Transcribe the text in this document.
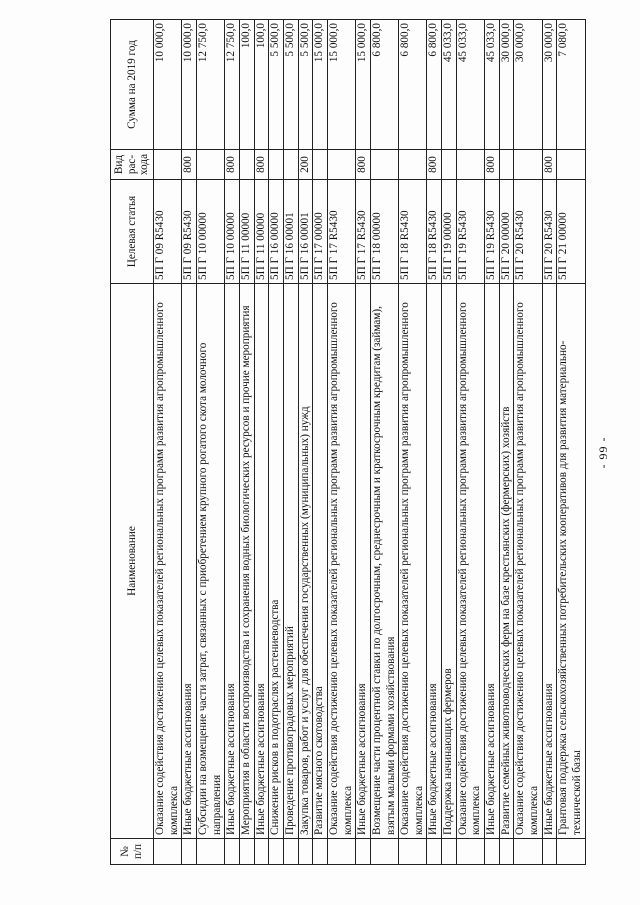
- 99 -
№ п/п	Наименование	Целевая статья	Вид рас-хода	Сумма на 2019 год
	Оказание содействия достижению целевых показателей региональных программ развития агропромышленного комплекса	5П Г 09 R5430		10 000,0
	Иные бюджетные ассигнования	5П Г 09 R5430	800	10 000,0
	Субсидии на возмещение части затрат, связанных с приобретением крупного рогатого скота молочного направления	5П Г 10 00000		12 750,0
	Иные бюджетные ассигнования	5П Г 10 00000	800	12 750,0
	Мероприятия в области воспроизводства и сохранения водных биологических ресурсов и прочие мероприятия	5П Г 11 00000		100,0
	Иные бюджетные ассигнования	5П Г 11 00000	800	100,0
	Снижение рисков в подотраслях растениеводства	5П Г 16 00000		5 500,0
	Проведение противоградовых мероприятий	5П Г 16 00001		5 500,0
	Закупка товаров, работ и услуг для обеспечения государственных (муниципальных) нужд	5П Г 16 00001	200	5 500,0
	Развитие мясного скотоводства	5П Г 17 00000		15 000,0
	Оказание содействия достижению целевых показателей региональных программ развития агропромышленного комплекса	5П Г 17 R5430		15 000,0
	Иные бюджетные ассигнования	5П Г 17 R5430	800	15 000,0
	Возмещение части процентной ставки по долгосрочным, среднесрочным и краткосрочным кредитам (займам), взятым малыми формами хозяйствования	5П Г 18 00000		6 800,0
	Оказание содействия достижению целевых показателей региональных программ развития агропромышленного комплекса	5П Г 18 R5430		6 800,0
	Иные бюджетные ассигнования	5П Г 18 R5430	800	6 800,0
	Поддержка начинающих фермеров	5П Г 19 00000		45 033,0
	Оказание содействия достижению целевых показателей региональных программ развития агропромышленного комплекса	5П Г 19 R5430		45 033,0
	Иные бюджетные ассигнования	5П Г 19 R5430	800	45 033,0
	Развитие семейных животноводческих ферм на базе крестьянских (фермерских) хозяйств	5П Г 20 00000		30 000,0
	Оказание содействия достижению целевых показателей региональных программ развития агропромышленного комплекса	5П Г 20 R5430		30 000,0
	Иные бюджетные ассигнования	5П Г 20 R5430	800	30 000,0
	Грантовая поддержка сельскохозяйственных потребительских кооперативов для развития материально-технической базы	5П Г 21 00000		7 080,0
